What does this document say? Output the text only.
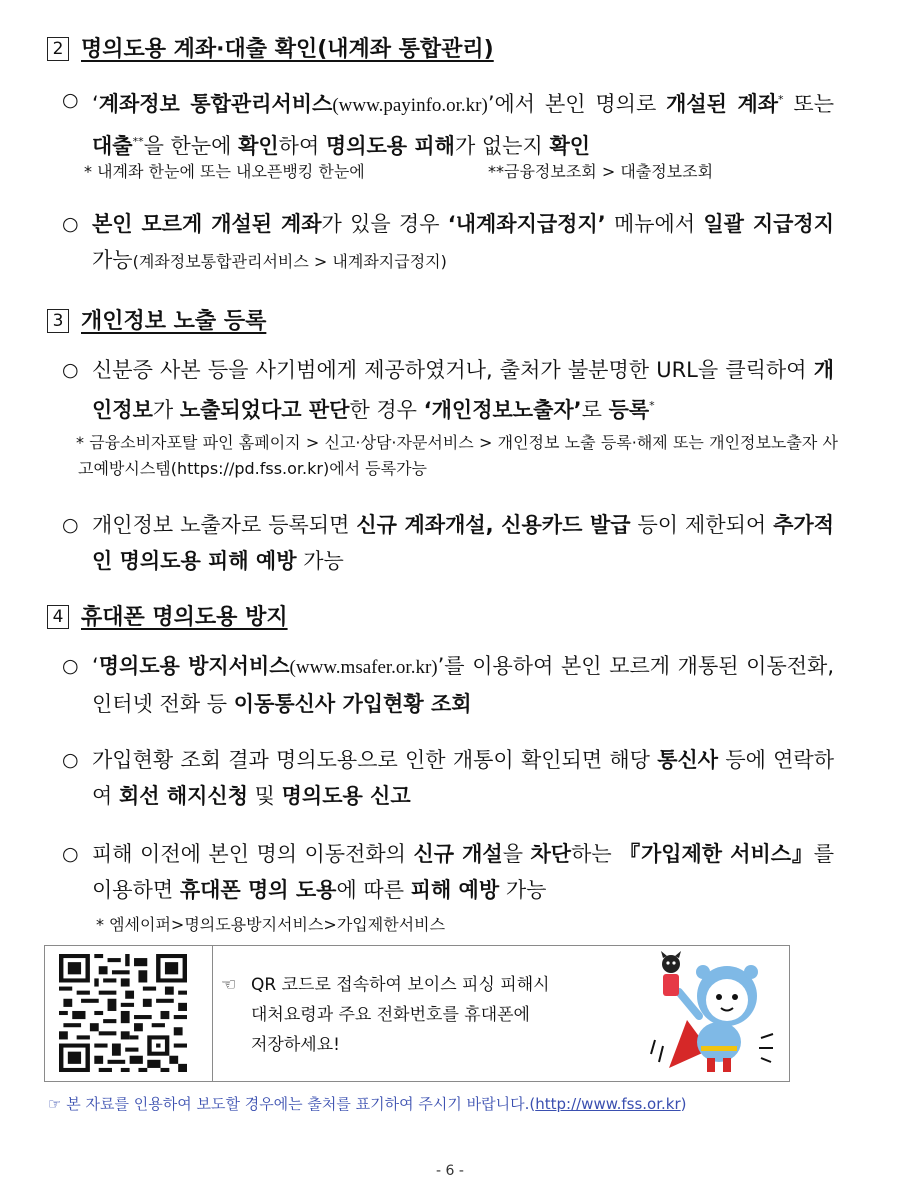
2 명의도용 계좌·대출 확인(내계좌 통합관리)
○ ‘계좌정보 통합관리서비스(www.payinfo.or.kr)’에서 본인 명의로 개설된 계좌* 또는 대출**을 한눈에 확인하여 명의도용 피해가 없는지 확인
* 내계좌 한눈에 또는 내오픈뱅킹 한눈에	**금융정보조회 > 대출정보조회
○ 본인 모르게 개설된 계좌가 있을 경우 ‘내계좌지급정지’ 메뉴에서 일괄 지급정지 가능(계좌정보통합관리서비스 > 내계좌지급정지)
3 개인정보 노출 등록
○ 신분증 사본 등을 사기범에게 제공하였거나, 출처가 불분명한 URL을 클릭하여 개인정보가 노출되었다고 판단한 경우 ‘개인정보노출자’로 등록*
* 금융소비자포탈 파인 홈페이지 > 신고·상담·자문서비스 > 개인정보 노출 등록·해제 또는 개인정보노출자 사고예방시스템(https://pd.fss.or.kr)에서 등록가능
○ 개인정보 노출자로 등록되면 신규 계좌개설, 신용카드 발급 등이 제한되어 추가적인 명의도용 피해 예방 가능
4 휴대폰 명의도용 방지
○ ‘명의도용 방지서비스(www.msafer.or.kr)’를 이용하여 본인 모르게 개통된 이동전화, 인터넷 전화 등 이동통신사 가입현황 조회
○ 가입현황 조회 결과 명의도용으로 인한 개통이 확인되면 해당 통신사 등에 연락하여 회선 해지신청 및 명의도용 신고
○ 피해 이전에 본인 명의 이동전화의 신규 개설을 차단하는 『가입제한 서비스』를 이용하면 휴대폰 명의 도용에 따른 피해 예방 가능
* 엠세이퍼>명의도용방지서비스>가입제한서비스
☜ QR 코드로 접속하여 보이스 피싱 피해시
대처요령과 주요 전화번호를 휴대폰에
저장하세요!
☞ 본 자료를 인용하여 보도할 경우에는 출처를 표기하여 주시기 바랍니다.(http://www.fss.or.kr)
- 6 -
